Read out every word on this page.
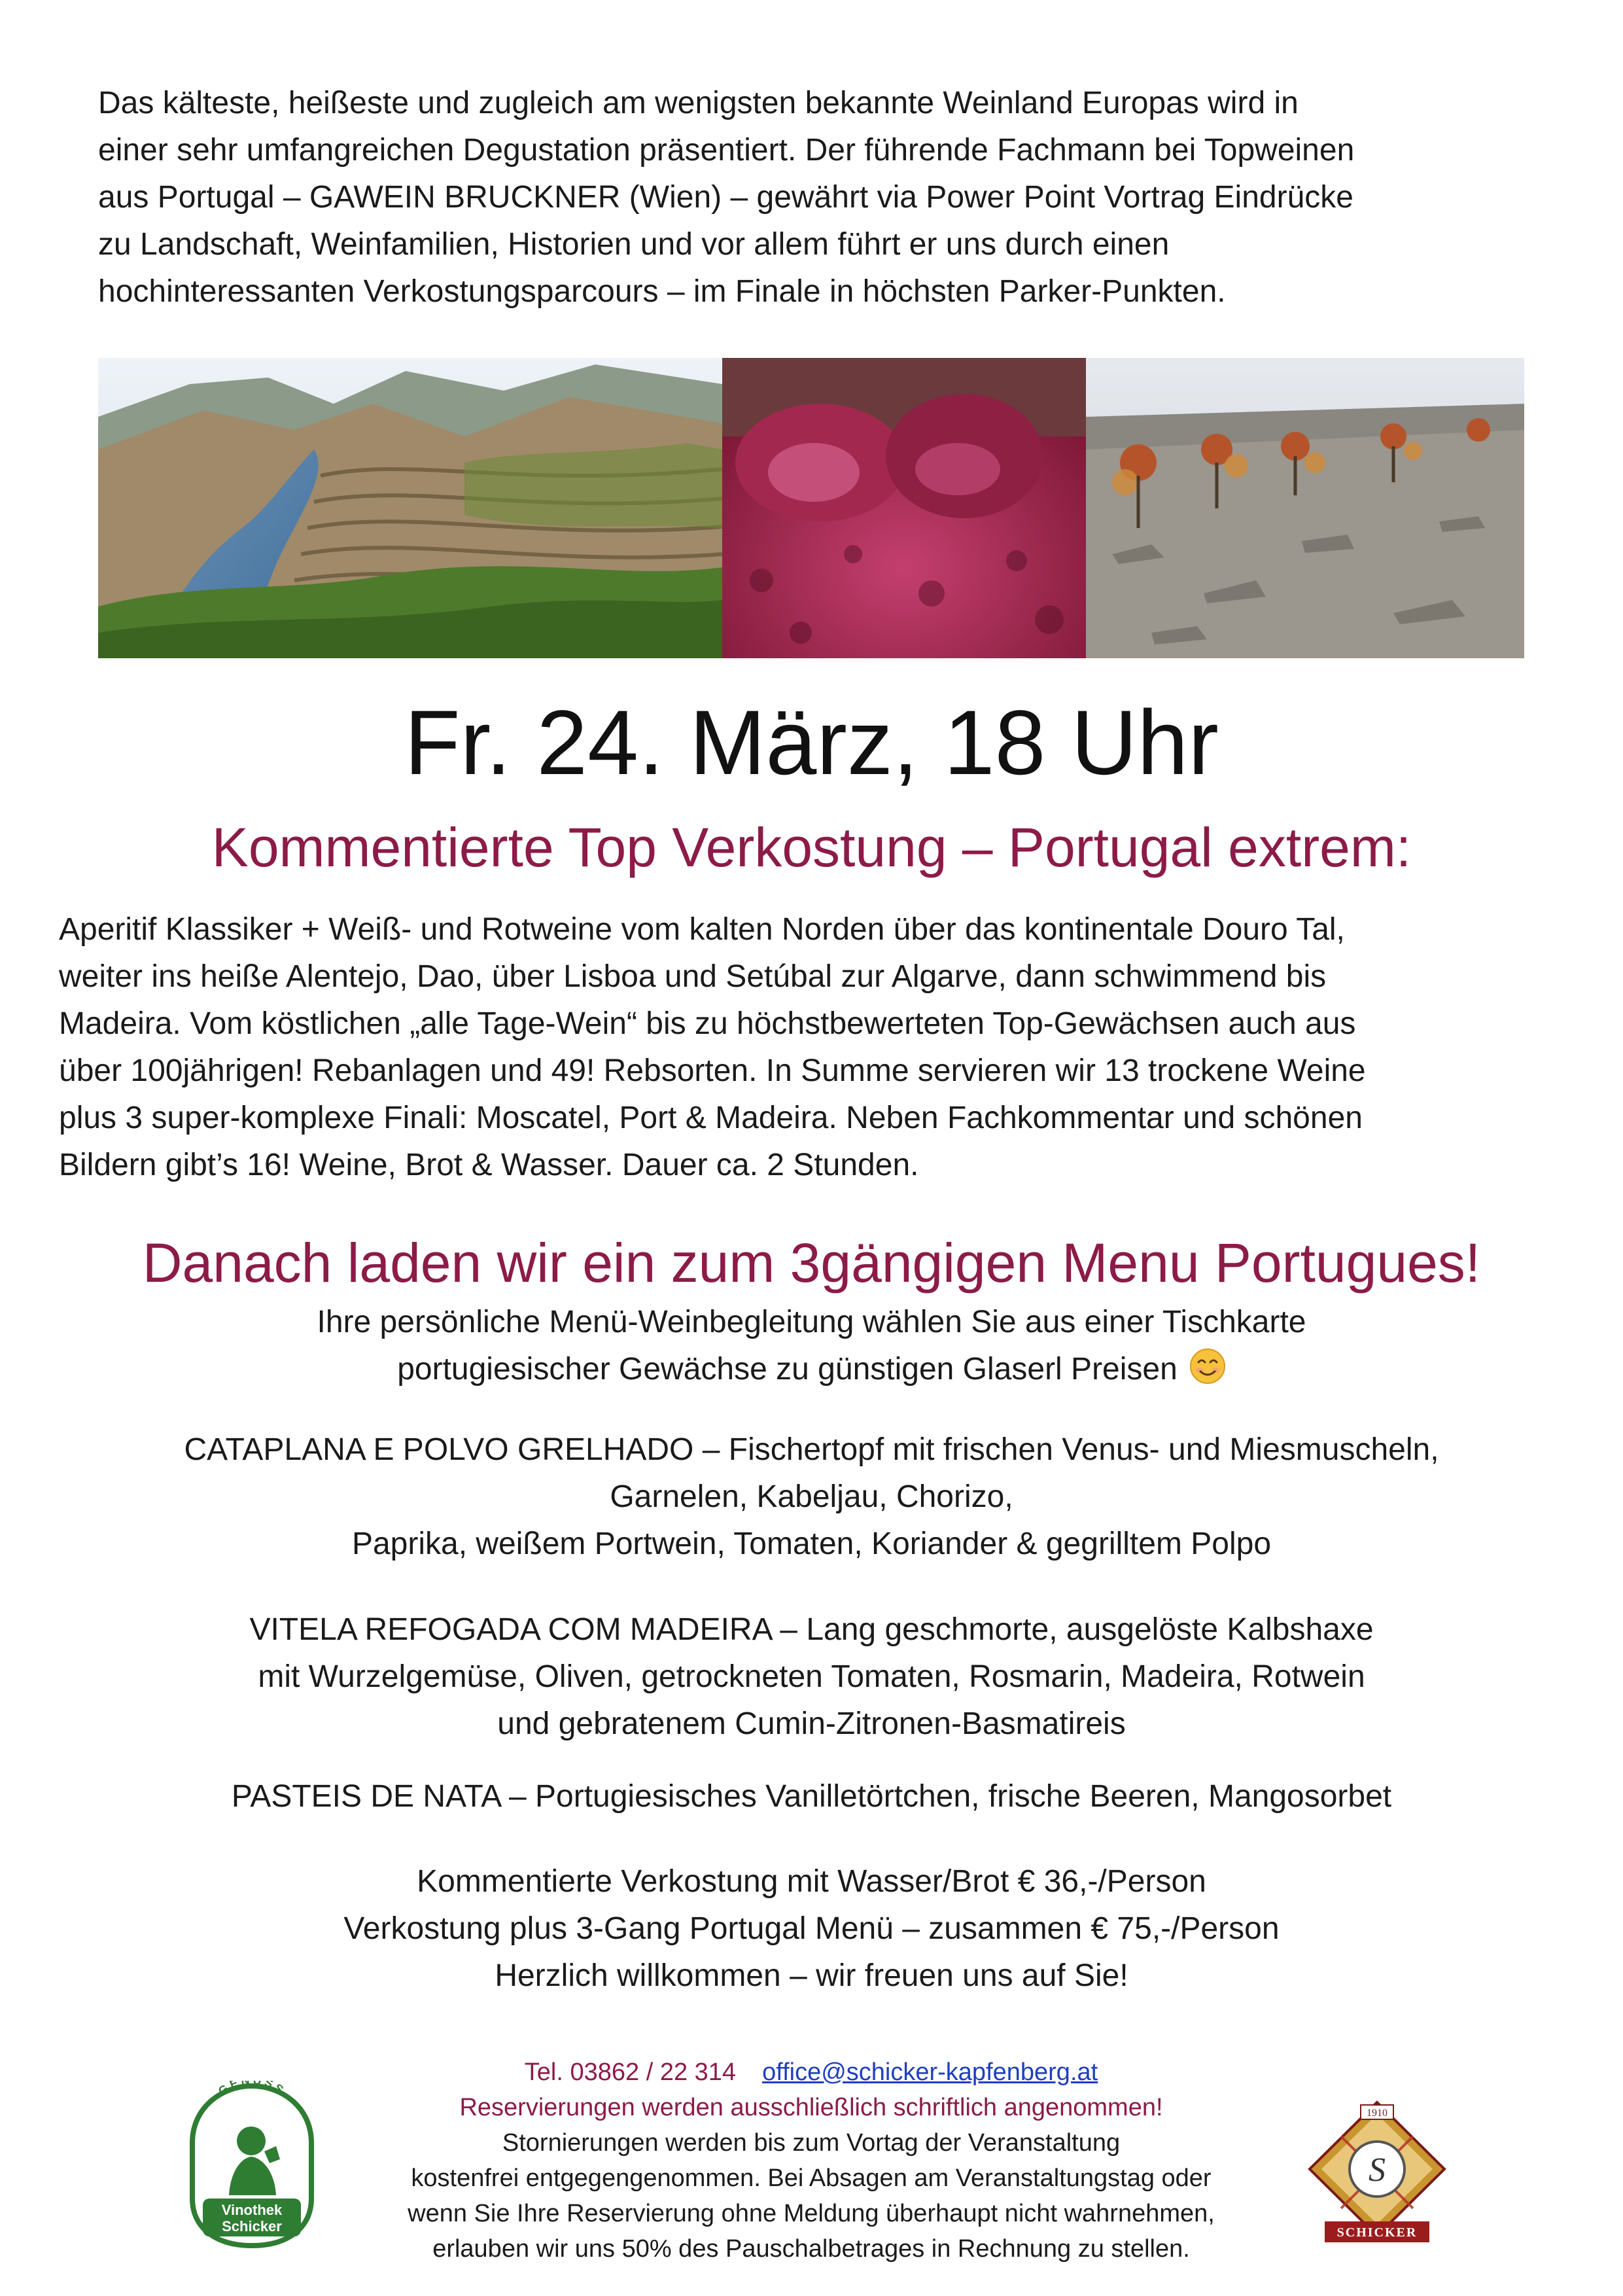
Das kälteste, heißeste und zugleich am wenigsten bekannte Weinland Europas wird in
einer sehr umfangreichen Degustation präsentiert. Der führende Fachmann bei Topweinen
aus Portugal – GAWEIN BRUCKNER (Wien) – gewährt via Power Point Vortrag Eindrücke
zu Landschaft, Weinfamilien, Historien und vor allem führt er uns durch einen
hochinteressanten Verkostungsparcours – im Finale in höchsten Parker-Punkten.

Fr. 24. März, 18 Uhr
Kommentierte Top Verkostung – Portugal extrem:

Aperitif Klassiker + Weiß- und Rotweine vom kalten Norden über das kontinentale Douro Tal,
weiter ins heiße Alentejo, Dao, über Lisboa und Setúbal zur Algarve, dann schwimmend bis
Madeira. Vom köstlichen „alle Tage-Wein“ bis zu höchstbewerteten Top-Gewächsen auch aus
über 100jährigen! Rebanlagen und 49! Rebsorten. In Summe servieren wir 13 trockene Weine
plus 3 super-komplexe Finali: Moscatel, Port & Madeira. Neben Fachkommentar und schönen
Bildern gibt’s 16! Weine, Brot & Wasser. Dauer ca. 2 Stunden.

Danach laden wir ein zum 3gängigen Menu Portugues!

Ihre persönliche Menü-Weinbegleitung wählen Sie aus einer Tischkarte
portugiesischer Gewächse zu günstigen Glaserl Preisen

CATAPLANA E POLVO GRELHADO – Fischertopf mit frischen Venus- und Miesmuscheln,
Garnelen, Kabeljau, Chorizo,
Paprika, weißem Portwein, Tomaten, Koriander & gegrilltem Polpo

VITELA REFOGADA COM MADEIRA – Lang geschmorte, ausgelöste Kalbshaxe
mit Wurzelgemüse, Oliven, getrockneten Tomaten, Rosmarin, Madeira, Rotwein
und gebratenem Cumin-Zitronen-Basmatireis

PASTEIS DE NATA – Portugiesisches Vanilletörtchen, frische Beeren, Mangosorbet

Kommentierte Verkostung mit Wasser/Brot € 36,-/Person
Verkostung plus 3-Gang Portugal Menü – zusammen € 75,-/Person
Herzlich willkommen – wir freuen uns auf Sie!

Tel. 03862 / 22 314 office@schicker-kapfenberg.at
Reservierungen werden ausschließlich schriftlich angenommen!
Stornierungen werden bis zum Vortag der Veranstaltung
kostenfrei entgegengenommen. Bei Absagen am Veranstaltungstag oder
wenn Sie Ihre Reservierung ohne Meldung überhaupt nicht wahrnehmen,
erlauben wir uns 50% des Pauschalbetrages in Rechnung zu stellen.
GE SS
Vinothek
Schicker
1910
S
SCHICKER
